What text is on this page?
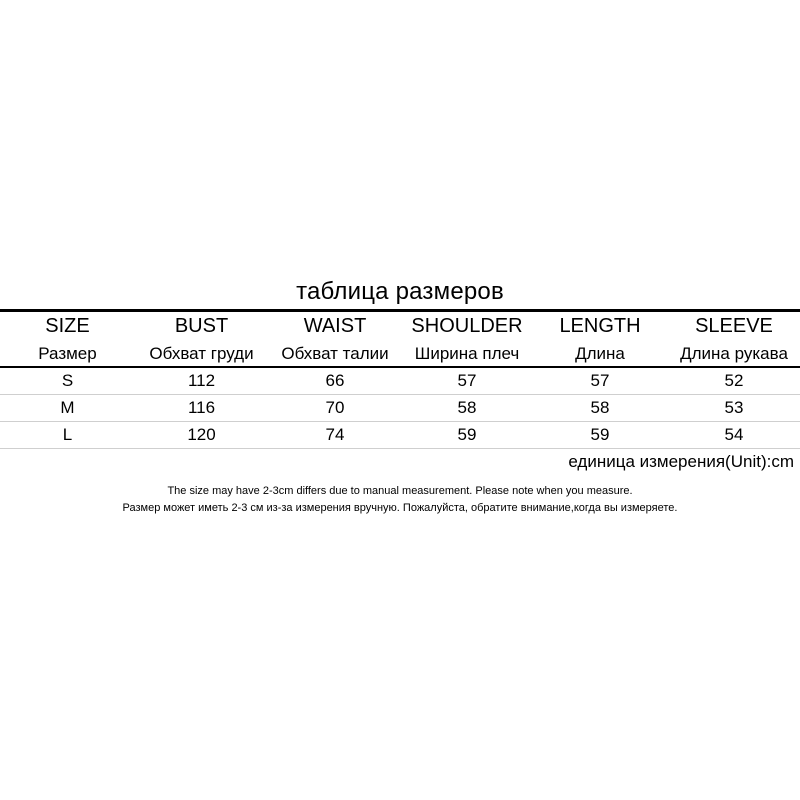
таблица размеров
SIZE	BUST	WAIST	SHOULDER	LENGTH	SLEEVE
Размер	Обхват груди	Обхват талии	Ширина плеч	Длина	Длина рукава
S	112	66	57	57	52
M	116	70	58	58	53
L	120	74	59	59	54
единица измерения(Unit):cm
The size may have 2-3cm differs due to manual measurement. Please note when you measure.
Размер может иметь 2-3 см из-за измерения вручную. Пожалуйста, обратите внимание,когда вы измеряете.
